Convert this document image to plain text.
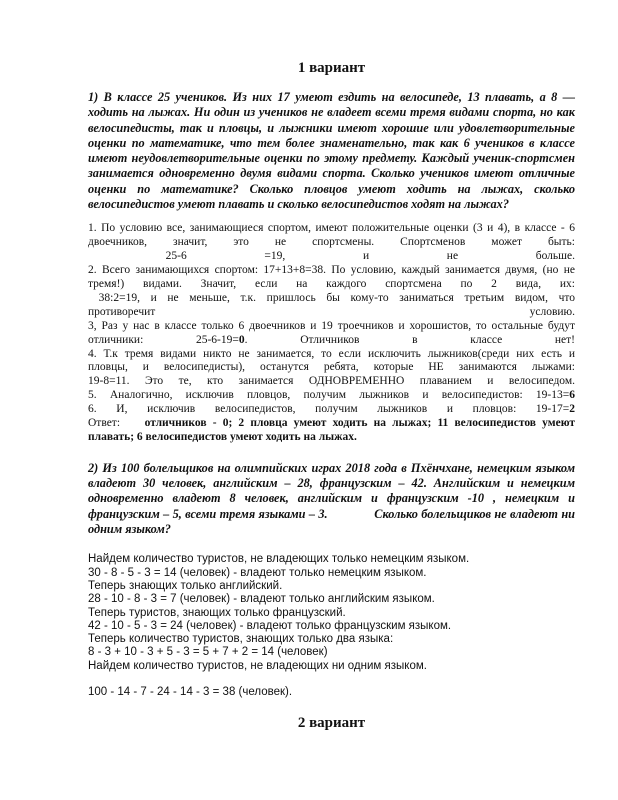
1 вариант

1) В классе 25 учеников. Из них 17 умеют ездить на велосипеде, 13 плавать, а 8 — ходить на лыжах. Ни один из учеников не владеет всеми тремя видами спорта, но как велосипедисты, так и пловцы, и лыжники имеют хорошие или удовлетворительные оценки по математике, что тем более знаменательно, так как 6 учеников в классе имеют неудовлетворительные оценки по этому предмету. Каждый ученик-спортсмен занимается одновременно двумя видами спорта. Сколько учеников имеют отличные оценки по математике? Сколько пловцов умеют ходить на лыжах, сколько велосипедистов умеют плавать и сколько велосипедистов ходят на лыжах?

1. По условию все, занимающиеся спортом, имеют положительные оценки (3 и 4), в классе - 6
двоечников, значит, это не спортсмены. Спортсменов может быть:
25-6 =19, и не больше.
2. Всего занимающихся спортом: 17+13+8=38. По условию, каждый занимается двумя, (но не
тремя!) видами. Значит, если на каждого спортсмена по 2 вида, их:
38:2=19, и не меньше, т.к. пришлось бы кому-то заниматься третьим видом, что
противоречит условию.
3, Раз у нас в классе только 6 двоечников и 19 троечников и хорошистов, то остальные будут
отличники: 25-6-19=0. Отличников в классе нет!
4. Т.к тремя видами никто не занимается, то если исключить лыжников(среди них есть и
пловцы, и велосипедисты), останутся ребята, которые НЕ занимаются лыжами:
19-8=11. Это те, кто занимается ОДНОВРЕМЕННО плаванием и велосипедом.
5. Аналогично, исключив пловцов, получим лыжников и велосипедистов: 19-13=6
6. И, исключив велосипедистов, получим лыжников и пловцов: 19-17=2
Ответ:    отличников - 0; 2 пловца умеют ходить на лыжах; 11 велосипедистов умеют
плавать; 6 велосипедистов умеют ходить на лыжах.

2) Из 100 болельщиков на олимпийских играх 2018 года в Пхёнчхане, немецким языком владеют 30 человек, английским – 28, французским – 42. Английским и немецким одновременно владеют 8 человек, английским и французским -10 , немецким и французским – 5, всеми тремя языками – 3.              Сколько болельщиков не владеют ни одним языком?

Найдем количество туристов, не владеющих только немецким языком.
30 - 8 - 5 - 3 = 14 (человек) - владеют только немецким языком.
Теперь знающих только английский.
28 - 10 - 8 - 3 = 7 (человек) - владеют только английским языком.
Теперь туристов, знающих только французский.
42 - 10 - 5 - 3 = 24 (человек) - владеют только французским языком.
Теперь количество туристов, знающих только два языка:
8 - 3 + 10 - 3 + 5 - 3 = 5 + 7 + 2 = 14 (человек)
Найдем количество туристов, не владеющих ни одним языком.
100 - 14 - 7 - 24 - 14 - 3 = 38 (человек).
2 вариант
